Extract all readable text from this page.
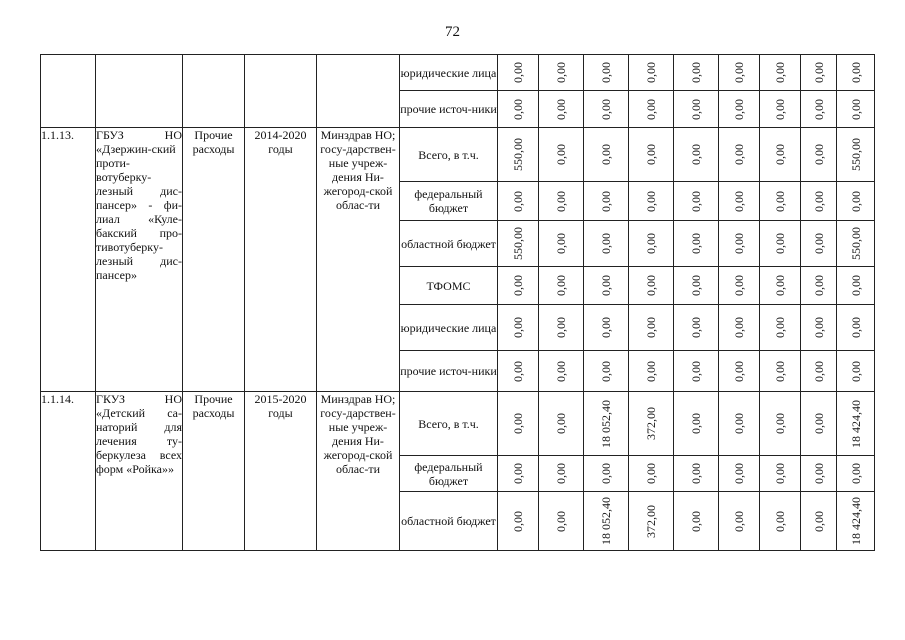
72
					юридические лица	0,00	0,00	0,00	0,00	0,00	0,00	0,00	0,00	0,00

					прочие источ-ники	0,00	0,00	0,00	0,00	0,00	0,00	0,00	0,00	0,00

1.1.13.	ГБУЗ НО «Дзержин-ский проти-вотуберку-лезный дис-пансер» - фи-лиал «Куле-бакский про-тивотуберку-лезный дис-пансер»	Прочие расходы	2014-2020 годы	Минздрав НО; госу-дарствен-ные учреж-дения Ни-жегород-ской облас-ти	Всего, в т.ч.	550,00	0,00	0,00	0,00	0,00	0,00	0,00	0,00	550,00

					федеральный бюджет	0,00	0,00	0,00	0,00	0,00	0,00	0,00	0,00	0,00

					областной бюджет	550,00	0,00	0,00	0,00	0,00	0,00	0,00	0,00	550,00

					ТФОМС	0,00	0,00	0,00	0,00	0,00	0,00	0,00	0,00	0,00

					юридические лица	0,00	0,00	0,00	0,00	0,00	0,00	0,00	0,00	0,00

					прочие источ-ники	0,00	0,00	0,00	0,00	0,00	0,00	0,00	0,00	0,00

1.1.14.	ГКУЗ НО «Детский са-наторий для лечения ту-беркулеза всех форм «Ройка»»	Прочие расходы	2015-2020 годы	Минздрав НО; госу-дарствен-ные учреж-дения Ни-жегород-ской облас-ти	Всего, в т.ч.	0,00	0,00	18 052,40	372,00	0,00	0,00	0,00	0,00	18 424,40

					федеральный бюджет	0,00	0,00	0,00	0,00	0,00	0,00	0,00	0,00	0,00

					областной бюджет	0,00	0,00	18 052,40	372,00	0,00	0,00	0,00	0,00	18 424,40
